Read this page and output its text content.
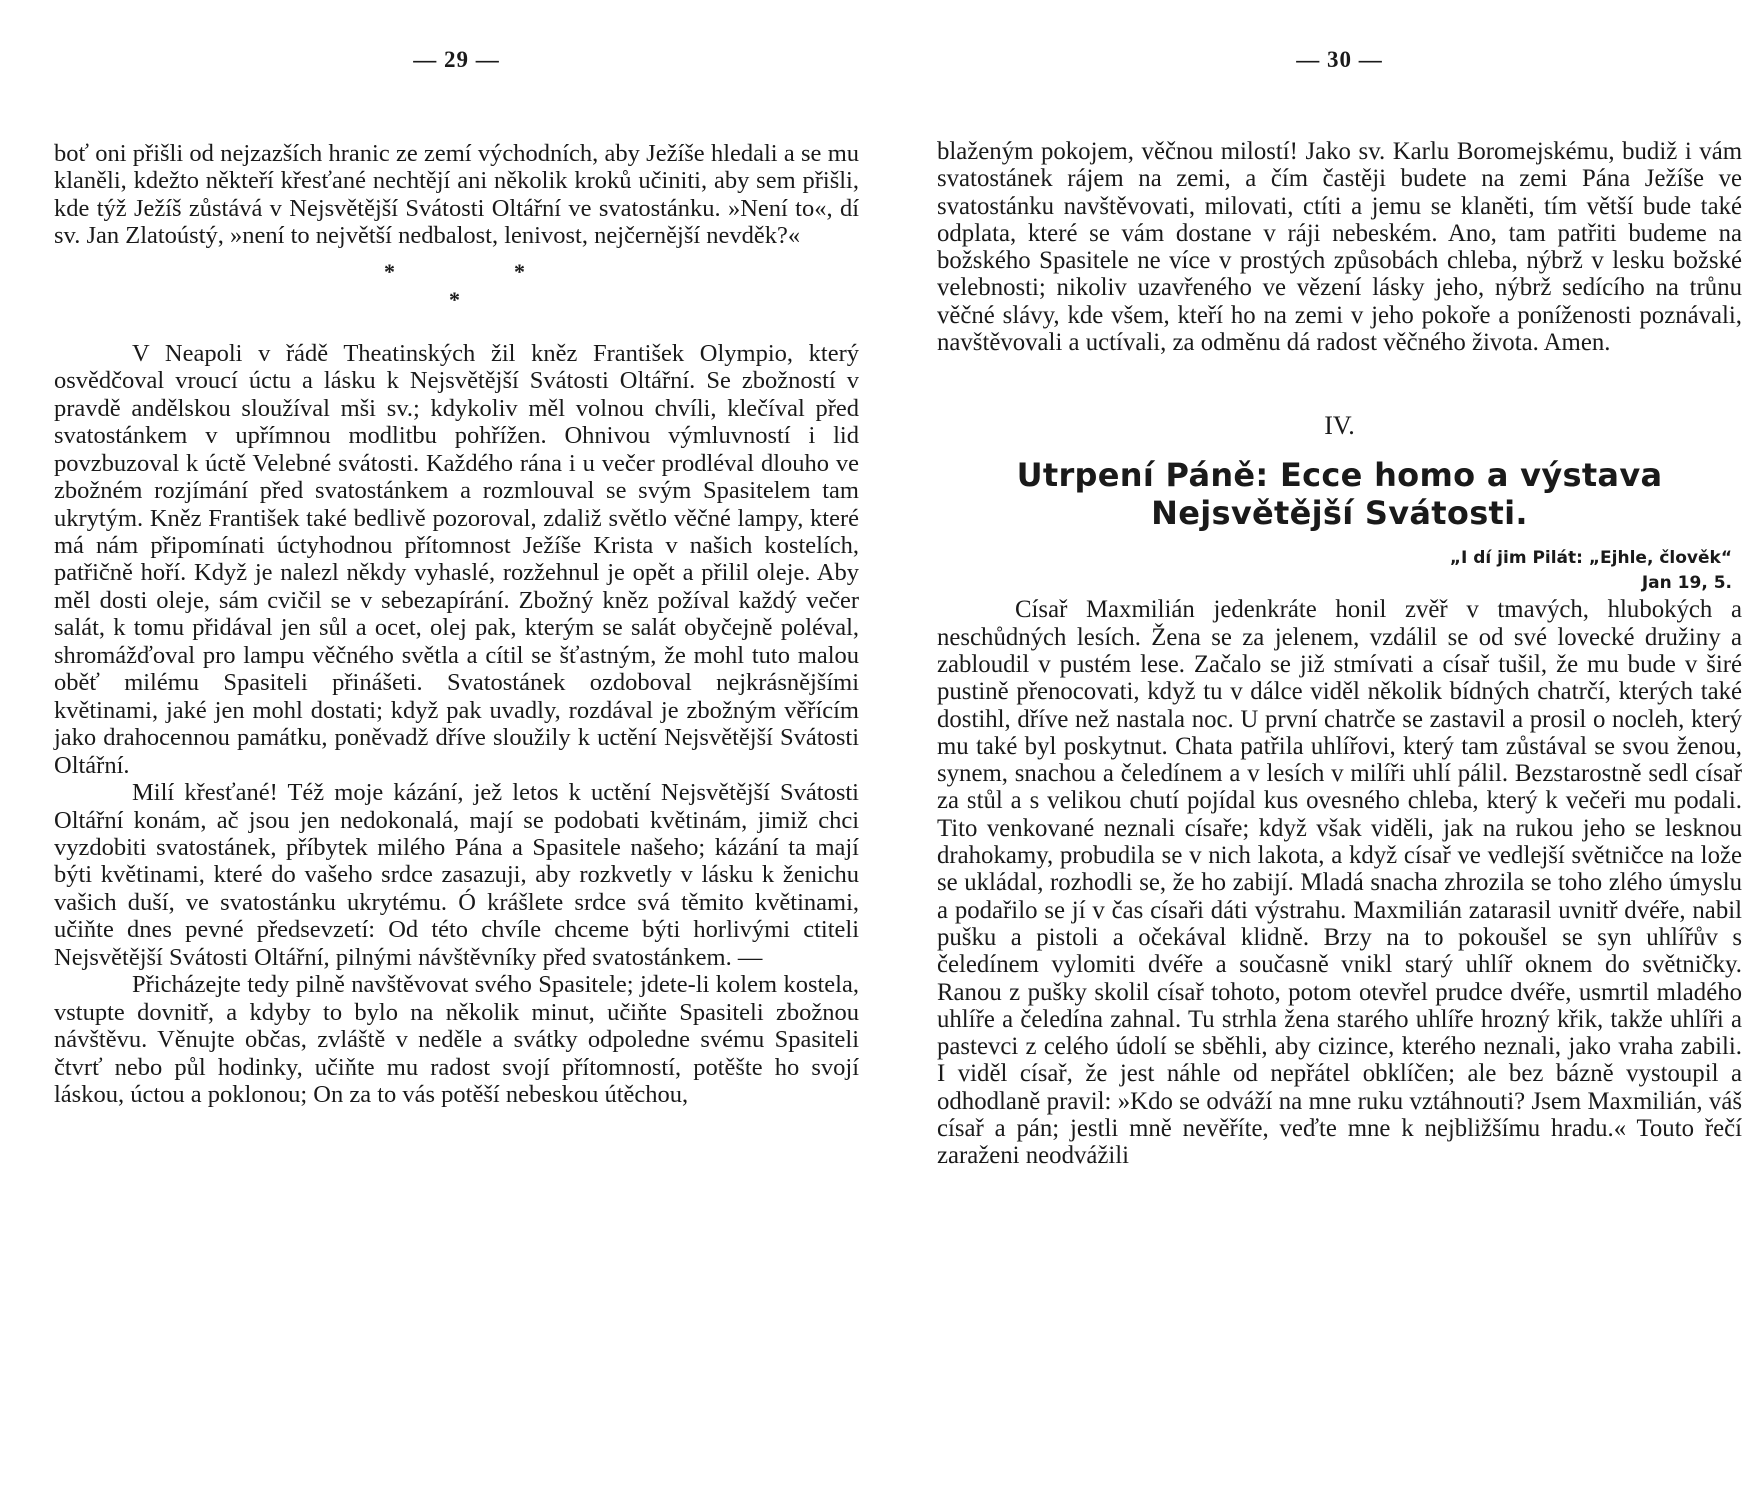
— 29 —

boť oni přišli od nejzazších hranic ze zemí východních, aby Ježíše hledali a se mu klaněli, kdežto někteří křesťané nechtějí ani několik kroků učiniti, aby sem přišli, kde týž Ježíš zůstává v Nejsvětější Svátosti Oltářní ve svatostánku. »Není to«, dí sv. Jan Zlatoústý, »není to největší nedbalost, lenivost, nejčernější nevděk?«

*	*
*

V Neapoli v řádě Theatinských žil kněz František Olympio, který osvědčoval vroucí úctu a lásku k Nejsvětější Svátosti Oltářní. Se zbožností v pravdě andělskou sloužíval mši sv.; kdykoliv měl volnou chvíli, klečíval před svatostánkem v upřímnou modlitbu pohřížen. Ohnivou výmluvností i lid povzbuzoval k úctě Velebné svátosti. Každého rána i u večer prodléval dlouho ve zbožném rozjímání před svatostánkem a rozmlouval se svým Spasitelem tam ukrytým. Kněz František také bedlivě pozoroval, zdaliž světlo věčné lampy, které má nám připomínati úctyhodnou přítomnost Ježíše Krista v našich kostelích, patřičně hoří. Když je nalezl někdy vyhaslé, rozžehnul je opět a přilil oleje. Aby měl dosti oleje, sám cvičil se v sebezapírání. Zbožný kněz požíval každý večer salát, k tomu přidával jen sůl a ocet, olej pak, kterým se salát obyčejně poléval, shromážďoval pro lampu věčného světla a cítil se šťastným, že mohl tuto malou oběť milému Spasiteli přinášeti. Svatostánek ozdoboval nejkrásnějšími květinami, jaké jen mohl dostati; když pak uvadly, rozdával je zbožným věřícím jako drahocennou památku, poněvadž dříve sloužily k uctění Nejsvětější Svátosti Oltářní.

Milí křesťané! Též moje kázání, jež letos k uctění Nejsvětější Svátosti Oltářní konám, ač jsou jen nedokonalá, mají se podobati květinám, jimiž chci vyzdobiti svatostánek, příbytek milého Pána a Spasitele našeho; kázání ta mají býti květinami, které do vašeho srdce zasazuji, aby rozkvetly v lásku k ženichu vašich duší, ve svatostánku ukrytému. Ó krášlete srdce svá těmito květinami, učiňte dnes pevné předsevzetí: Od této chvíle chceme býti horlivými ctiteli Nejsvětější Svátosti Oltářní, pilnými návštěvníky před svatostánkem. —

Přicházejte tedy pilně navštěvovat svého Spasitele; jdete-li kolem kostela, vstupte dovnitř, a kdyby to bylo na několik minut, učiňte Spasiteli zbožnou návštěvu. Věnujte občas, zvláště v neděle a svátky odpoledne svému Spasiteli čtvrť nebo půl hodinky, učiňte mu radost svojí přítomností, potěšte ho svojí láskou, úctou a poklonou; On za to vás potěší nebeskou útěchou,

— 30 —

blaženým pokojem, věčnou milostí! Jako sv. Karlu Boromejskému, budiž i vám svatostánek rájem na zemi, a čím častěji budete na zemi Pána Ježíše ve svatostánku navštěvovati, milovati, ctíti a jemu se klaněti, tím větší bude také odplata, které se vám dostane v ráji nebeském. Ano, tam patřiti budeme na božského Spasitele ne více v prostých způsobách chleba, nýbrž v lesku božské velebnosti; nikoliv uzavřeného ve vězení lásky jeho, nýbrž sedícího na trůnu věčné slávy, kde všem, kteří ho na zemi v jeho pokoře a poníženosti poznávali, navštěvovali a uctívali, za odměnu dá radost věčného života. Amen.

IV.
Utrpení Páně: Ecce homo a výstava
Nejsvětější Svátosti.
„I dí jim Pilát: „Ejhle, člověk“
Jan 19, 5.

Císař Maxmilián jedenkráte honil zvěř v tmavých, hlubokých a neschůdných lesích. Žena se za jelenem, vzdálil se od své lovecké družiny a zabloudil v pustém lese. Začalo se již stmívati a císař tušil, že mu bude v širé pustině přenocovati, když tu v dálce viděl několik bídných chatrčí, kterých také dostihl, dříve než nastala noc. U první chatrče se zastavil a prosil o nocleh, který mu také byl poskytnut. Chata patřila uhlířovi, který tam zůstával se svou ženou, synem, snachou a čeledínem a v lesích v milíři uhlí pálil. Bezstarostně sedl císař za stůl a s velikou chutí pojídal kus ovesného chleba, který k večeři mu podali. Tito venkované neznali císaře; když však viděli, jak na rukou jeho se lesknou drahokamy, probudila se v nich lakota, a když císař ve vedlejší světničce na lože se ukládal, rozhodli se, že ho zabijí. Mladá snacha zhrozila se toho zlého úmyslu a podařilo se jí v čas císaři dáti výstrahu. Maxmilián zatarasil uvnitř dvéře, nabil pušku a pistoli a očekával klidně. Brzy na to pokoušel se syn uhlířův s čeledínem vylomiti dvéře a současně vnikl starý uhlíř oknem do světničky. Ranou z pušky skolil císař tohoto, potom otevřel prudce dvéře, usmrtil mladého uhlíře a čeledína zahnal. Tu strhla žena starého uhlíře hrozný křik, takže uhlíři a pastevci z celého údolí se sběhli, aby cizince, kterého neznali, jako vraha zabili. I viděl císař, že jest náhle od nepřátel obklíčen; ale bez bázně vystoupil a odhodlaně pravil: »Kdo se odváží na mne ruku vztáhnouti? Jsem Maxmilián, váš císař a pán; jestli mně nevěříte, veďte mne k nejbližšímu hradu.« Touto řečí zaraženi neodvážili
